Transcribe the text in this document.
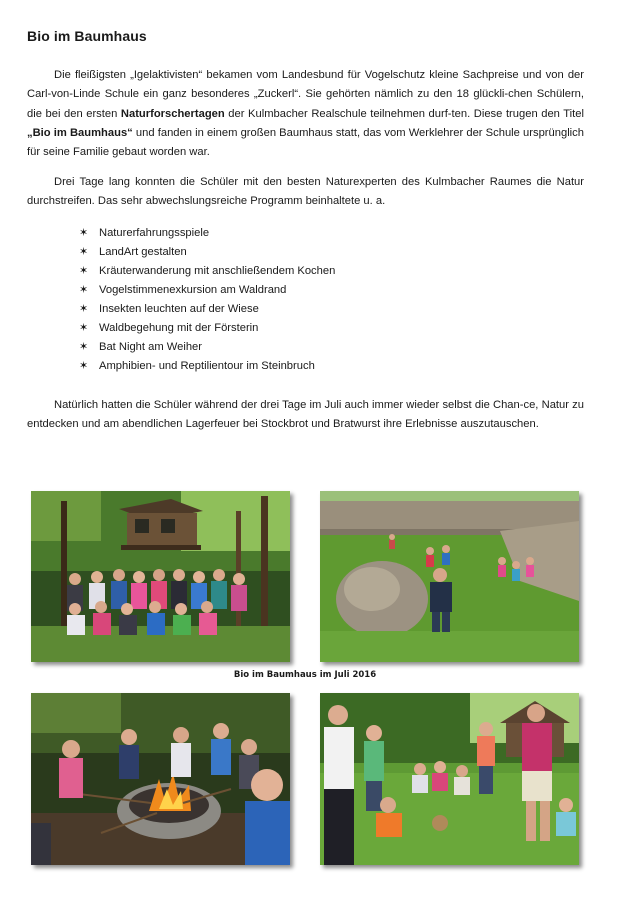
Bio im Baumhaus

Die fleißigsten „Igelaktivisten“ bekamen vom Landesbund für Vogelschutz kleine Sachpreise und von der Carl-von-Linde Schule ein ganz besonderes „Zuckerl“. Sie gehörten nämlich zu den 18 glückli-chen Schülern, die bei den ersten Naturforschertagen der Kulmbacher Realschule teilnehmen durf-ten. Diese trugen den Titel „Bio im Baumhaus“ und fanden in einem großen Baumhaus statt, das vom Werklehrer der Schule ursprünglich für seine Familie gebaut worden war.

Drei Tage lang konnten die Schüler mit den besten Naturexperten des Kulmbacher Raumes die Natur durchstreifen. Das sehr abwechslungsreiche Programm beinhaltete u. a.

✶ Naturerfahrungsspiele
✶ LandArt gestalten
✶ Kräuterwanderung mit anschließendem Kochen
✶ Vogelstimmenexkursion am Waldrand
✶ Insekten leuchten auf der Wiese
✶ Waldbegehung mit der Försterin
✶ Bat Night am Weiher
✶ Amphibien- und Reptilientour im Steinbruch

Natürlich hatten die Schüler während der drei Tage im Juli auch immer wieder selbst die Chan-ce, Natur zu entdecken und am abendlichen Lagerfeuer bei Stockbrot und Bratwurst ihre Erlebnisse auszutauschen.

Bio im Baumhaus im Juli 2016
